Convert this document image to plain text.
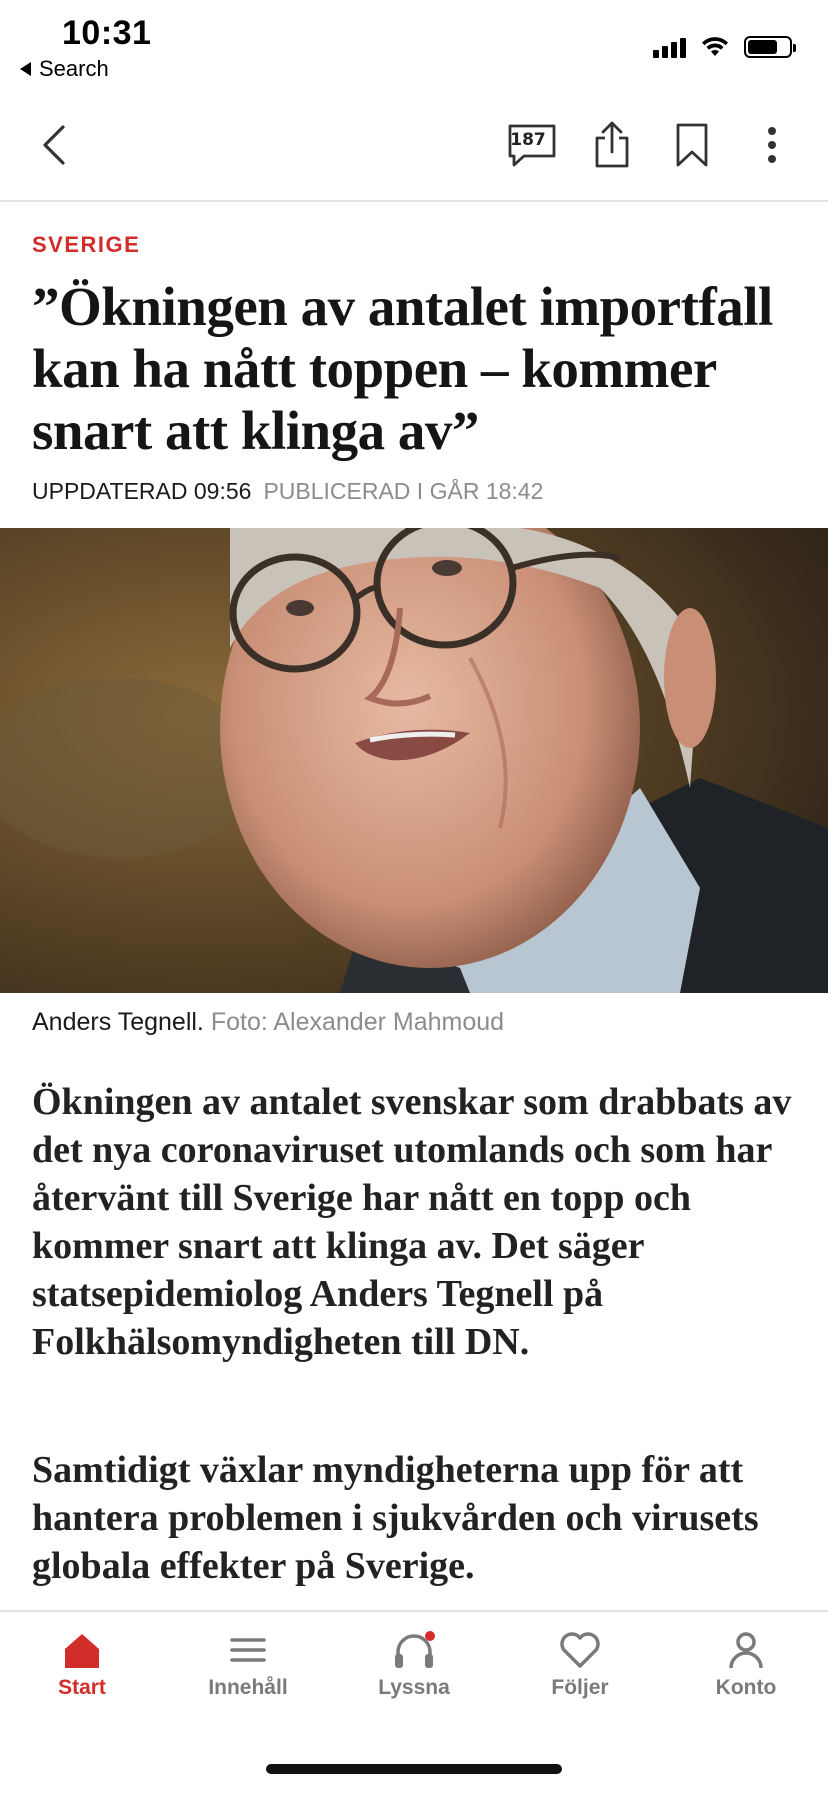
10:31
Search
187
SVERIGE
”Ökningen av antalet importfall kan ha nått toppen – kommer snart att klinga av”
UPPDATERAD 09:56 PUBLICERAD I GÅR 18:42
Anders Tegnell. Foto: Alexander Mahmoud

Ökningen av antalet svenskar som drabbats av det nya coronaviruset utomlands och som har återvänt till Sverige har nått en topp och kommer snart att klinga av. Det säger statsepidemiolog Anders Tegnell på Folkhälsomyndigheten till DN.

Samtidigt växlar myndigheterna upp för att hantera problemen i sjukvården och virusets globala effekter på Sverige.

Start	Innehåll	Lyssna	Följer	Konto
